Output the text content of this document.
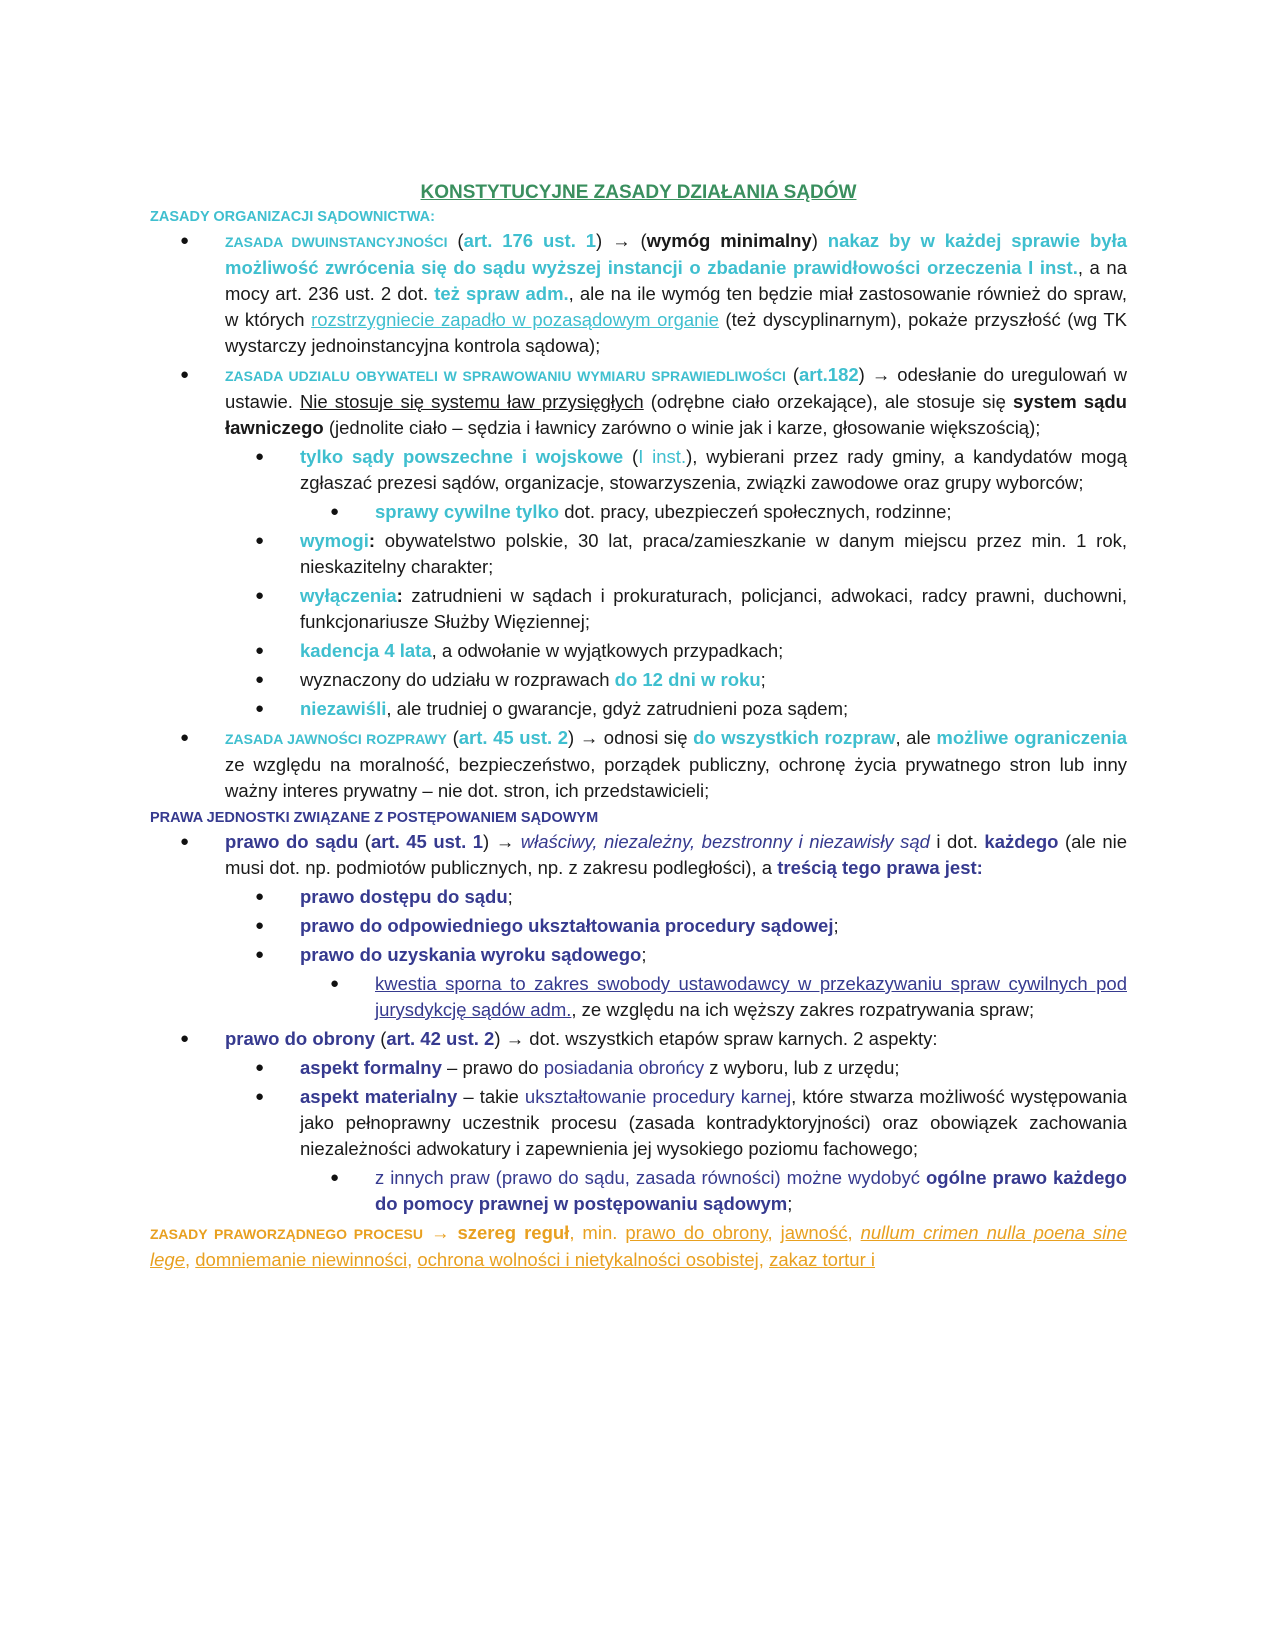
KONSTYTUCYJNE ZASADY DZIAŁANIA SĄDÓW

ZASADY ORGANIZACJI SĄDOWNICTWA:

● ZASADA DWUINSTANCYJNOŚCI (art. 176 ust. 1) → (wymóg minimalny) nakaz by w każdej sprawie była możliwość zwrócenia się do sądu wyższej instancji o zbadanie prawidłowości orzeczenia I inst., a na mocy art. 236 ust. 2 dot. też spraw adm., ale na ile wymóg ten będzie miał zastosowanie również do spraw, w których rozstrzygniecie zapadło w pozasądowym organie (też dyscyplinarnym), pokaże przyszłość (wg TK wystarczy jednoinstancyjna kontrola sądowa);
● ZASADA UDZIALU OBYWATELI W SPRAWOWANIU WYMIARU SPRAWIEDLIWOŚCI (art.182) → odesłanie do uregulowań w ustawie. Nie stosuje się systemu ław przysięgłych (odrębne ciało orzekające), ale stosuje się system sądu ławniczego (jednolite ciało – sędzia i ławnicy zarówno o winie jak i karze, głosowanie większością);
● tylko sądy powszechne i wojskowe (I inst.), wybierani przez rady gminy, a kandydatów mogą zgłaszać prezesi sądów, organizacje, stowarzyszenia, związki zawodowe oraz grupy wyborców;
● sprawy cywilne tylko dot. pracy, ubezpieczeń społecznych, rodzinne;
● wymogi: obywatelstwo polskie, 30 lat, praca/zamieszkanie w danym miejscu przez min. 1 rok, nieskazitelny charakter;
● wyłączenia: zatrudnieni w sądach i prokuraturach, policjanci, adwokaci, radcy prawni, duchowni, funkcjonariusze Służby Więziennej;
● kadencja 4 lata, a odwołanie w wyjątkowych przypadkach;
● wyznaczony do udziału w rozprawach do 12 dni w roku;
● niezawiśli, ale trudniej o gwarancje, gdyż zatrudnieni poza sądem;
● ZASADA JAWNOŚCI ROZPRAWY (art. 45 ust. 2) → odnosi się do wszystkich rozpraw, ale możliwe ograniczenia ze względu na moralność, bezpieczeństwo, porządek publiczny, ochronę życia prywatnego stron lub inny ważny interes prywatny – nie dot. stron, ich przedstawicieli;

PRAWA JEDNOSTKI ZWIĄZANE Z POSTĘPOWANIEM SĄDOWYM

● prawo do sądu (art. 45 ust. 1) → właściwy, niezależny, bezstronny i niezawisły sąd i dot. każdego (ale nie musi dot. np. podmiotów publicznych, np. z zakresu podległości), a treścią tego prawa jest:
● prawo dostępu do sądu;
● prawo do odpowiedniego ukształtowania procedury sądowej;
● prawo do uzyskania wyroku sądowego;
● kwestia sporna to zakres swobody ustawodawcy w przekazywaniu spraw cywilnych pod jurysdykcję sądów adm., ze względu na ich węższy zakres rozpatrywania spraw;
● prawo do obrony (art. 42 ust. 2) → dot. wszystkich etapów spraw karnych. 2 aspekty:
● aspekt formalny – prawo do posiadania obrońcy z wyboru, lub z urzędu;
● aspekt materialny – takie ukształtowanie procedury karnej, które stwarza możliwość występowania jako pełnoprawny uczestnik procesu (zasada kontradyktoryjności) oraz obowiązek zachowania niezależności adwokatury i zapewnienia jej wysokiego poziomu fachowego;
● z innych praw (prawo do sądu, zasada równości) możne wydobyć ogólne prawo każdego do pomocy prawnej w postępowaniu sądowym;

ZASADY PRAWORZĄDNEGO PROCESU → szereg reguł, min. prawo do obrony, jawność, nullum crimen nulla poena sine lege, domniemanie niewinności, ochrona wolności i nietykalności osobistej, zakaz tortur i
